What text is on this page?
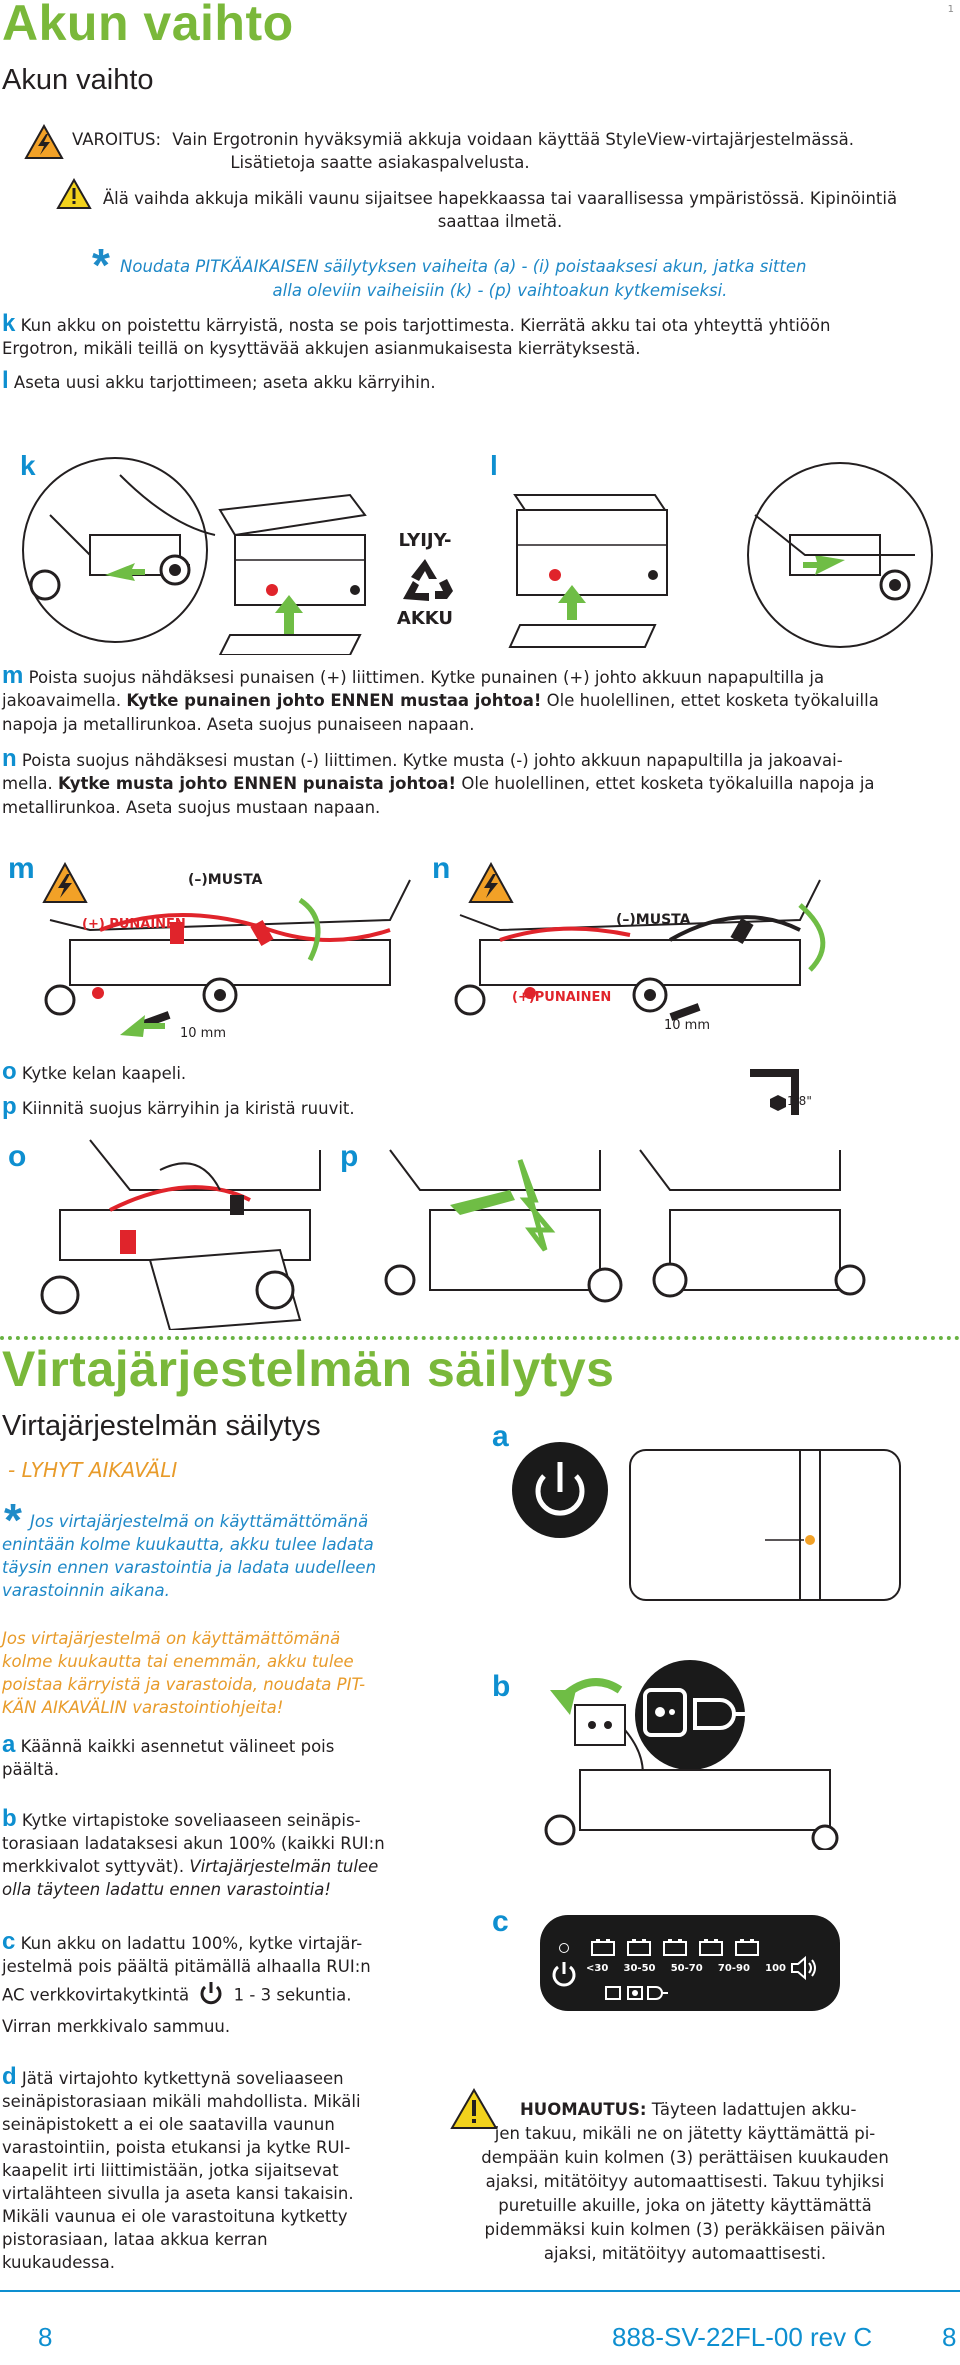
1
Akun vaihto
Akun vaihto
VAROITUS: Vain Ergotronin hyväksymiä akkuja voidaan käyttää StyleView-virtajärjestelmässä.
Lisätietoja saatte asiakaspalvelusta.
Älä vaihda akkuja mikäli vaunu sijaitsee hapekkaassa tai vaarallisessa ympäristössä. Kipinöintiä
saattaa ilmetä.
* Noudata PITKÄAIKAISEN säilytyksen vaiheita (a) - (i) poistaaksesi akun, jatka sitten
alla oleviin vaiheisiin (k) - (p) vaihtoakun kytkemiseksi.
k Kun akku on poistettu kärryistä, nosta se pois tarjottimesta. Kierrätä akku tai ota yhteyttä yhtiöön
Ergotron, mikäli teillä on kysyttävää akkujen asianmukaisesta kierrätyksestä.
l Aseta uusi akku tarjottimeen; aseta akku kärryihin.
k	l
LYIJY-
AKKU
m Poista suojus nähdäksesi punaisen (+) liittimen. Kytke punainen (+) johto akkuun napapultilla ja
jakoavaimella. Kytke punainen johto ENNEN mustaa johtoa! Ole huolellinen, ettet kosketa työkaluilla
napoja ja metallirunkoa. Aseta suojus punaiseen napaan.
n Poista suojus nähdäksesi mustan (-) liittimen. Kytke musta (-) johto akkuun napapultilla ja jakoavai-
mella. Kytke musta johto ENNEN punaista johtoa! Ole huolellinen, ettet kosketa työkaluilla napoja ja
metallirunkoa. Aseta suojus mustaan napaan.
m	(–)MUSTA
(+) PUNAINEN
10 mm
n
(–)MUSTA
(+)PUNAINEN
10 mm
o Kytke kelan kaapeli.
p Kiinnitä suojus kärryihin ja kiristä ruuvit.	1/8"
o	p
Virtajärjestelmän säilytys
Virtajärjestelmän säilytys
- LYHYT AIKAVÄLI
* Jos virtajärjestelmä on käyttämättömänä
enintään kolme kuukautta, akku tulee ladata
täysin ennen varastointia ja ladata uudelleen
varastoinnin aikana.
Jos virtajärjestelmä on käyttämättömänä
kolme kuukautta tai enemmän, akku tulee
poistaa kärryistä ja varastoida, noudata PIT-
KÄN AIKAVÄLIN varastointiohjeita!
a Käännä kaikki asennetut välineet pois
päältä.
b Kytke virtapistoke soveliaaseen seinäpis-
torasiaan ladataksesi akun 100% (kaikki RUI:n
merkkivalot syttyvät). Virtajärjestelmän tulee
olla täyteen ladattu ennen varastointia!
c Kun akku on ladattu 100%, kytke virtajär-
jestelmä pois päältä pitämällä alhaalla RUI:n
AC verkkovirtakytkintä	1 - 3 sekuntia.
Virran merkkivalo sammuu.
d Jätä virtajohto kytkettynä soveliaaseen
seinäpistorasiaan mikäli mahdollista. Mikäli
seinäpistokett a ei ole saatavilla vaunun
varastointiin, poista etukansi ja kytke RUI-
kaapelit irti liittimistään, jotka sijaitsevat
virtalähteen sivulla ja aseta kansi takaisin.
Mikäli vaunua ei ole varastoituna kytketty
pistorasiaan, lataa akkua kerran
kuukaudessa.
a
b
c
<30 30-50 50-70 70-90 100
HUOMAUTUS: Täyteen ladattujen akku-
jen takuu, mikäli ne on jätetty käyttämättä pi-
dempään kuin kolmen (3) perättäisen kuukauden
ajaksi, mitätöityy automaattisesti. Takuu tyhjiksi
puretuille akuille, joka on jätetty käyttämättä
pidemmäksi kuin kolmen (3) peräkkäisen päivän
ajaksi, mitätöityy automaattisesti.
8	888-SV-22FL-00 rev C	8
